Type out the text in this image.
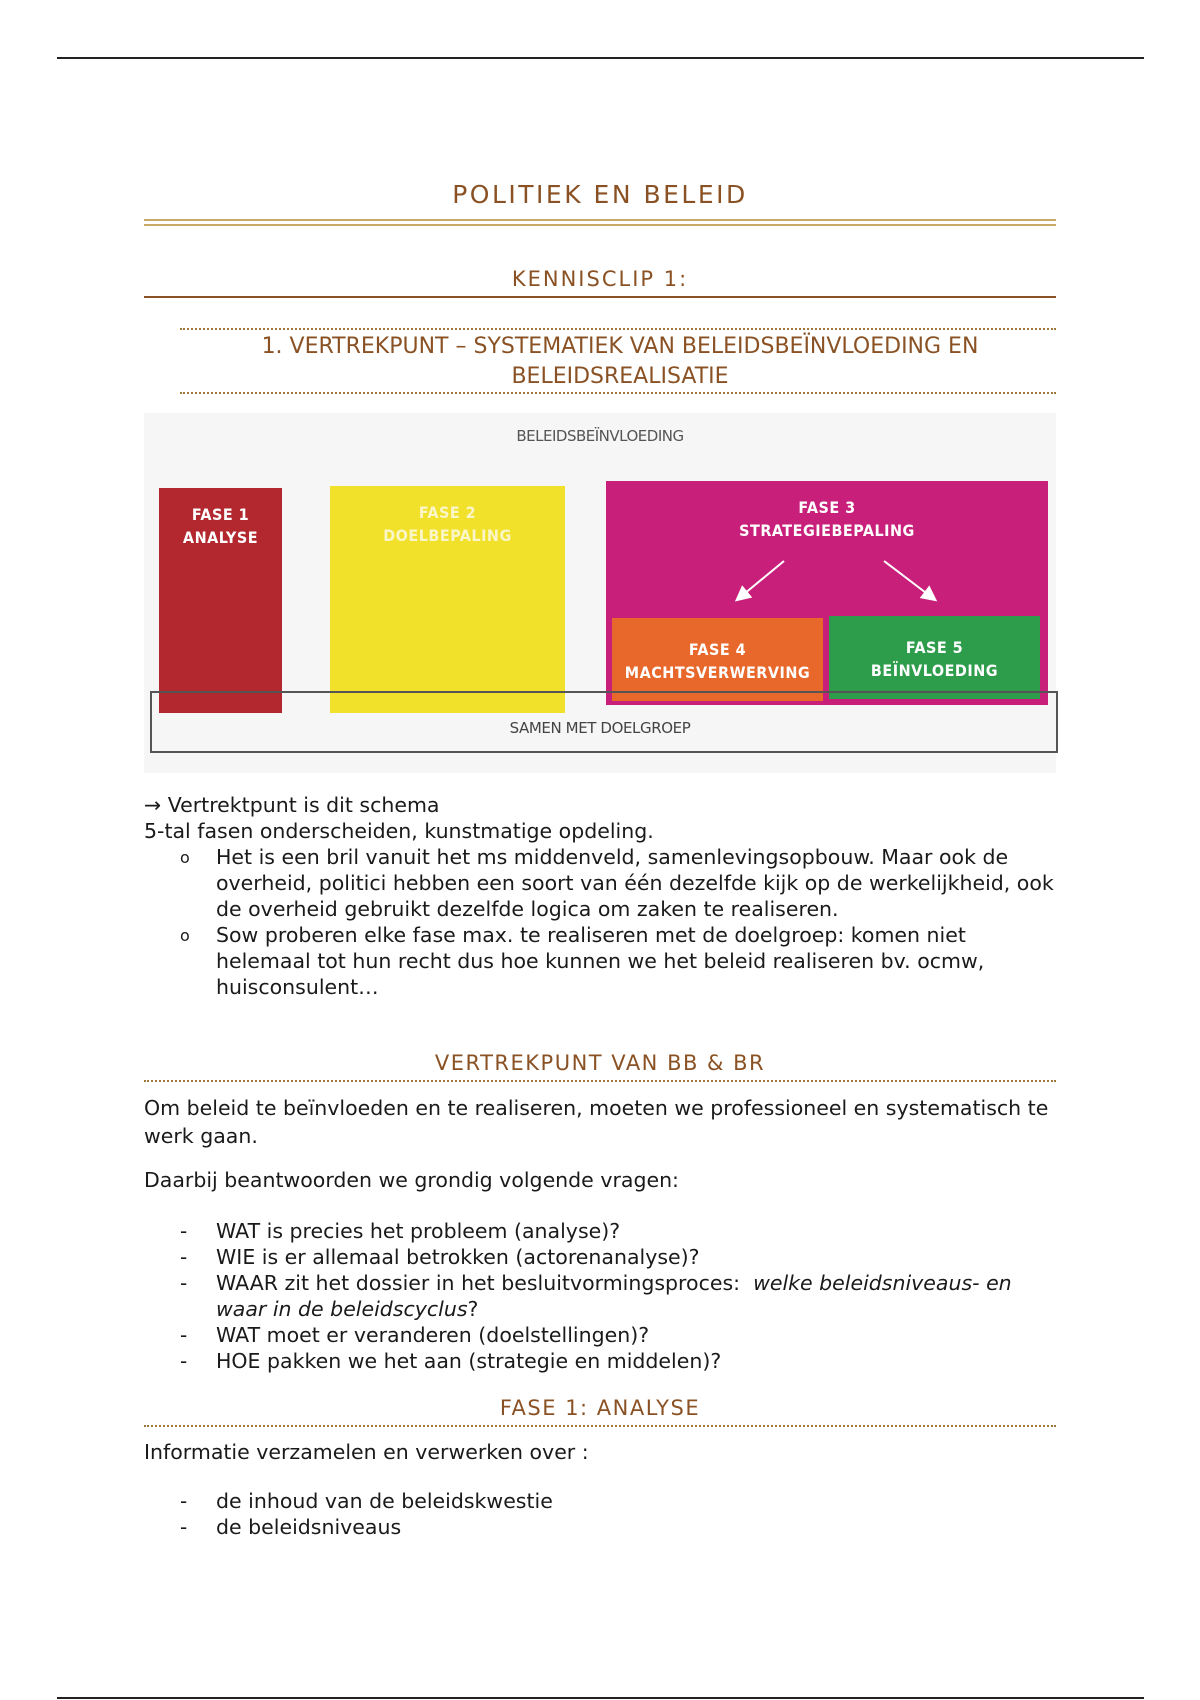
POLITIEK EN BELEID
KENNISCLIP 1:
1. VERTREKPUNT – SYSTEMATIEK VAN BELEIDSBEÏNVLOEDING EN
BELEIDSREALISATIE
BELEIDSBEÏNVLOEDING
FASE 1
ANALYSE
FASE 2
DOELBEPALING
FASE 3
STRATEGIEBEPALING
FASE 4
MACHTSVERWERVING
FASE 5
BEÏNVLOEDING
SAMEN MET DOELGROEP
→ Vertrektpunt is dit schema
5-tal fasen onderscheiden, kunstmatige opdeling.
o Het is een bril vanuit het ms middenveld, samenlevingsopbouw. Maar ook de overheid, politici hebben een soort van één dezelfde kijk op de werkelijkheid, ook de overheid gebruikt dezelfde logica om zaken te realiseren.
o Sow proberen elke fase max. te realiseren met de doelgroep: komen niet helemaal tot hun recht dus hoe kunnen we het beleid realiseren bv. ocmw, huisconsulent…
VERTREKPUNT VAN BB & BR
Om beleid te beïnvloeden en te realiseren, moeten we professioneel en systematisch te werk gaan.
Daarbij beantwoorden we grondig volgende vragen:
- WAT is precies het probleem (analyse)?
- WIE is er allemaal betrokken (actorenanalyse)?
- WAAR zit het dossier in het besluitvormingsproces:  welke beleidsniveaus- en waar in de beleidscyclus?
- WAT moet er veranderen (doelstellingen)?
- HOE pakken we het aan (strategie en middelen)?
FASE 1: ANALYSE
Informatie verzamelen en verwerken over :
- de inhoud van de beleidskwestie
- de beleidsniveaus
